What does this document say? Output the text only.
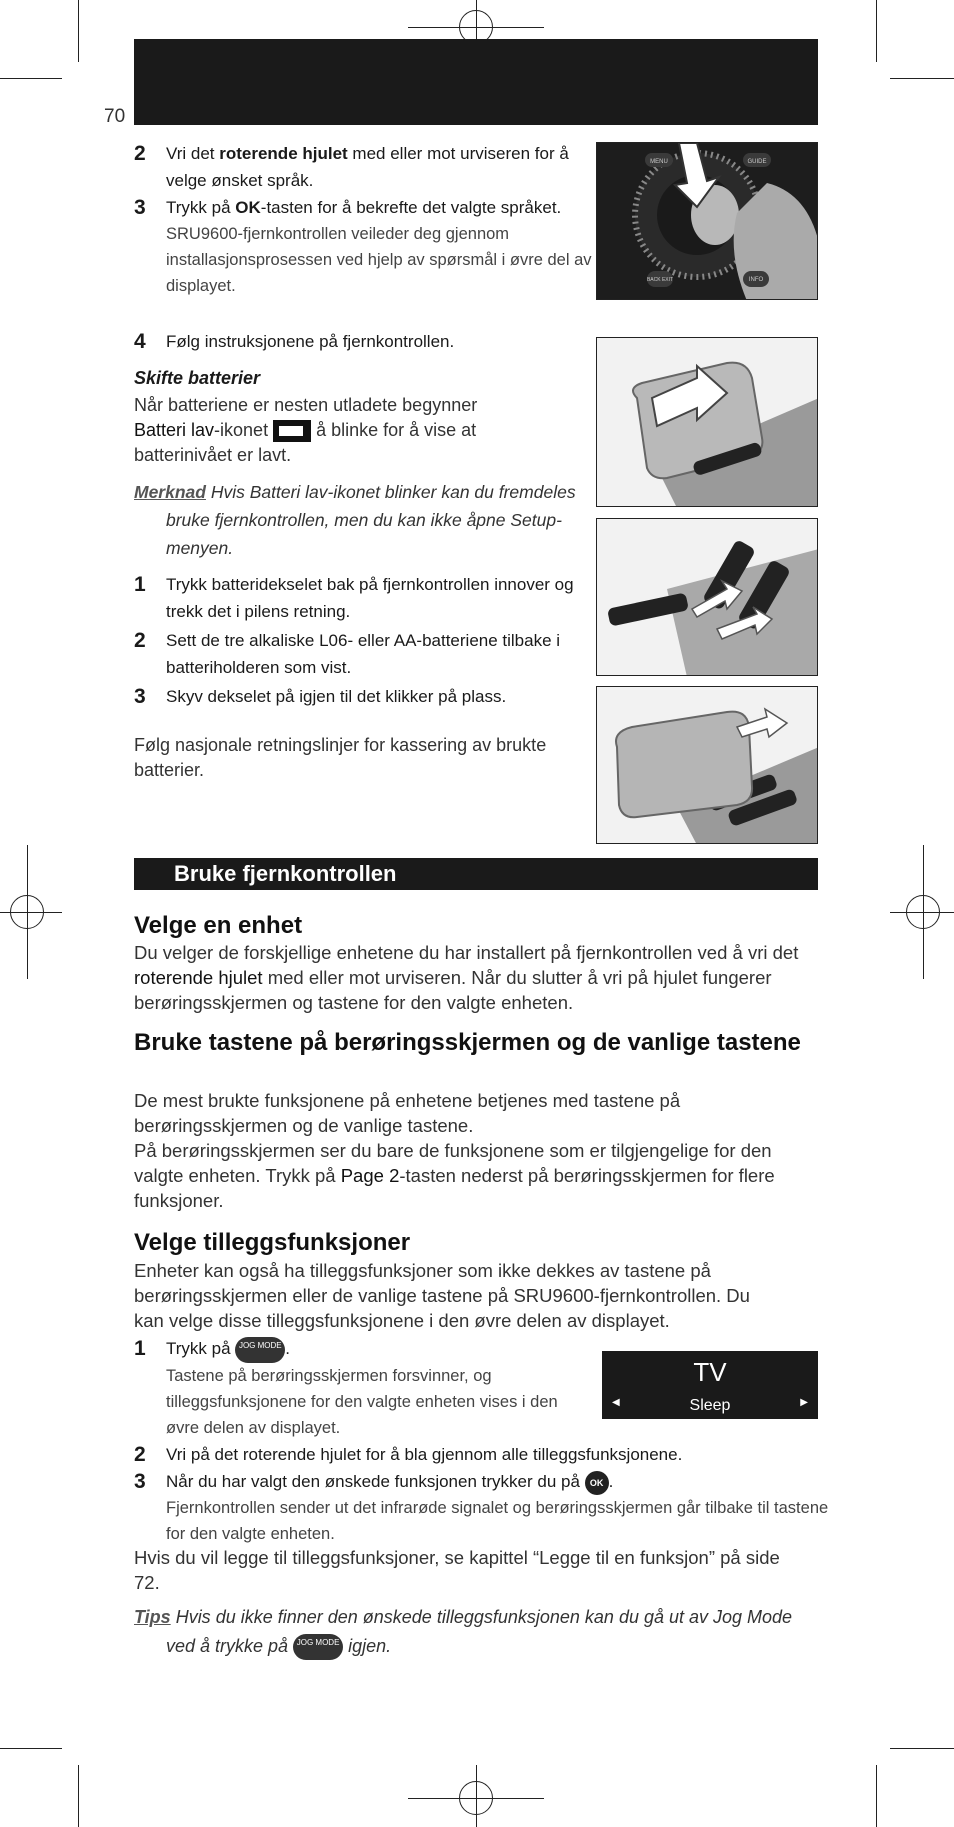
70
2 Vri det roterende hjulet med eller mot urviseren for å velge ønsket språk.
3 Trykk på OK-tasten for å bekrefte det valgte språket.
SRU9600-fjernkontrollen veileder deg gjennom installasjonsprosessen ved hjelp av spørsmål i øvre del av displayet.
4 Følg instruksjonene på fjernkontrollen.
Skifte batterier
Når batteriene er nesten utladete begynner
Batteri lav-ikonet  å blinke for å vise at
batterinivået er lavt.
Merknad Hvis Batteri lav-ikonet blinker kan du fremdeles bruke fjernkontrollen, men du kan ikke åpne Setup-menyen.
1 Trykk batteridekselet bak på fjernkontrollen innover og trekk det i pilens retning.
2 Sett de tre alkaliske L06- eller AA-batteriene tilbake i batteriholderen som vist.
3 Skyv dekselet på igjen til det klikker på plass.
Følg nasjonale retningslinjer for kassering av brukte batterier.
MENU	GUIDE
BACK EXIT	INFO
Bruke fjernkontrollen
Velge en enhet
Du velger de forskjellige enhetene du har installert på fjernkontrollen ved å vri det roterende hjulet med eller mot urviseren. Når du slutter å vri på hjulet fungerer berøringsskjermen og tastene for den valgte enheten.
Bruke tastene på berøringsskjermen og de vanlige tastene
De mest brukte funksjonene på enhetene betjenes med tastene på berøringsskjermen og de vanlige tastene.
På berøringsskjermen ser du bare de funksjonene som er tilgjengelige for den valgte enheten. Trykk på Page 2-tasten nederst på berøringsskjermen for flere funksjoner.
Velge tilleggsfunksjoner
Enheter kan også ha tilleggsfunksjoner som ikke dekkes av tastene på berøringsskjermen eller de vanlige tastene på SRU9600-fjernkontrollen. Du kan velge disse tilleggsfunksjonene i den øvre delen av displayet.
1 Trykk på JOG MODE .
Tastene på berøringsskjermen forsvinner, og tilleggsfunksjonene for den valgte enheten vises i den øvre delen av displayet.
TV
◀	Sleep	▶
2 Vri på det roterende hjulet for å bla gjennom alle tilleggsfunksjonene.
3 Når du har valgt den ønskede funksjonen trykker du på OK .
Fjernkontrollen sender ut det infrarøde signalet og berøringsskjermen går tilbake til tastene for den valgte enheten.
Hvis du vil legge til tilleggsfunksjoner, se kapittel “Legge til en funksjon” på side 72.
Tips Hvis du ikke finner den ønskede tilleggsfunksjonen kan du gå ut av Jog Mode ved å trykke på JOG MODE igjen.
